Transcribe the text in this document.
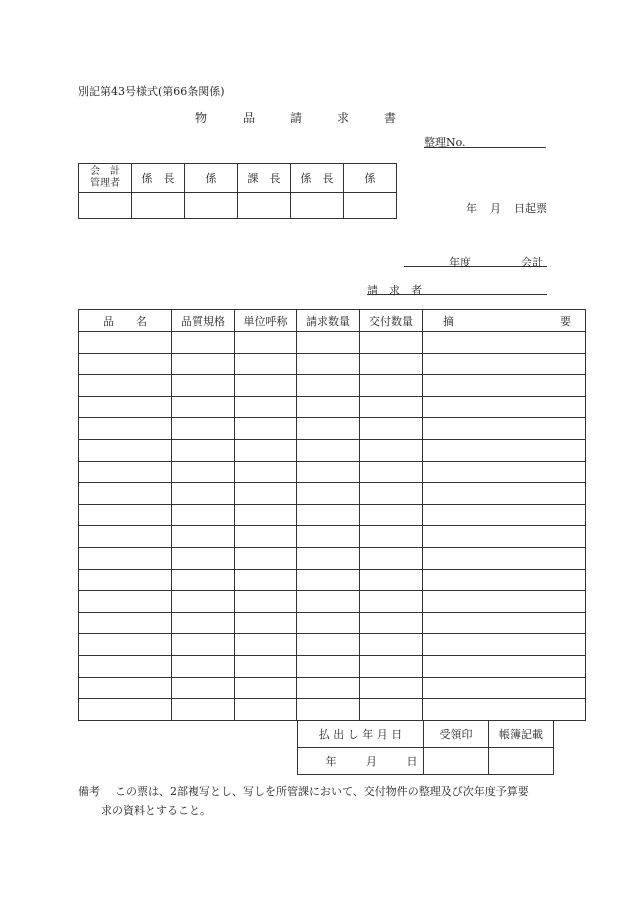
別記第43号様式(第66条関係)
物	品	請	求	書
整理No.
会　計
管理者	係　長	係	課　長	係　長	係

年 月 日起票
年度	会計
請　求　者
品　　名	品質規格	単位呼称	請求数量	交付数量	摘 要

払 出 し 年 月 日	受領印	帳簿記載
年 月 日		
備考 この票は、2部複写とし、写しを所管課において、交付物件の整理及び次年度予算要
求の資料とすること。
